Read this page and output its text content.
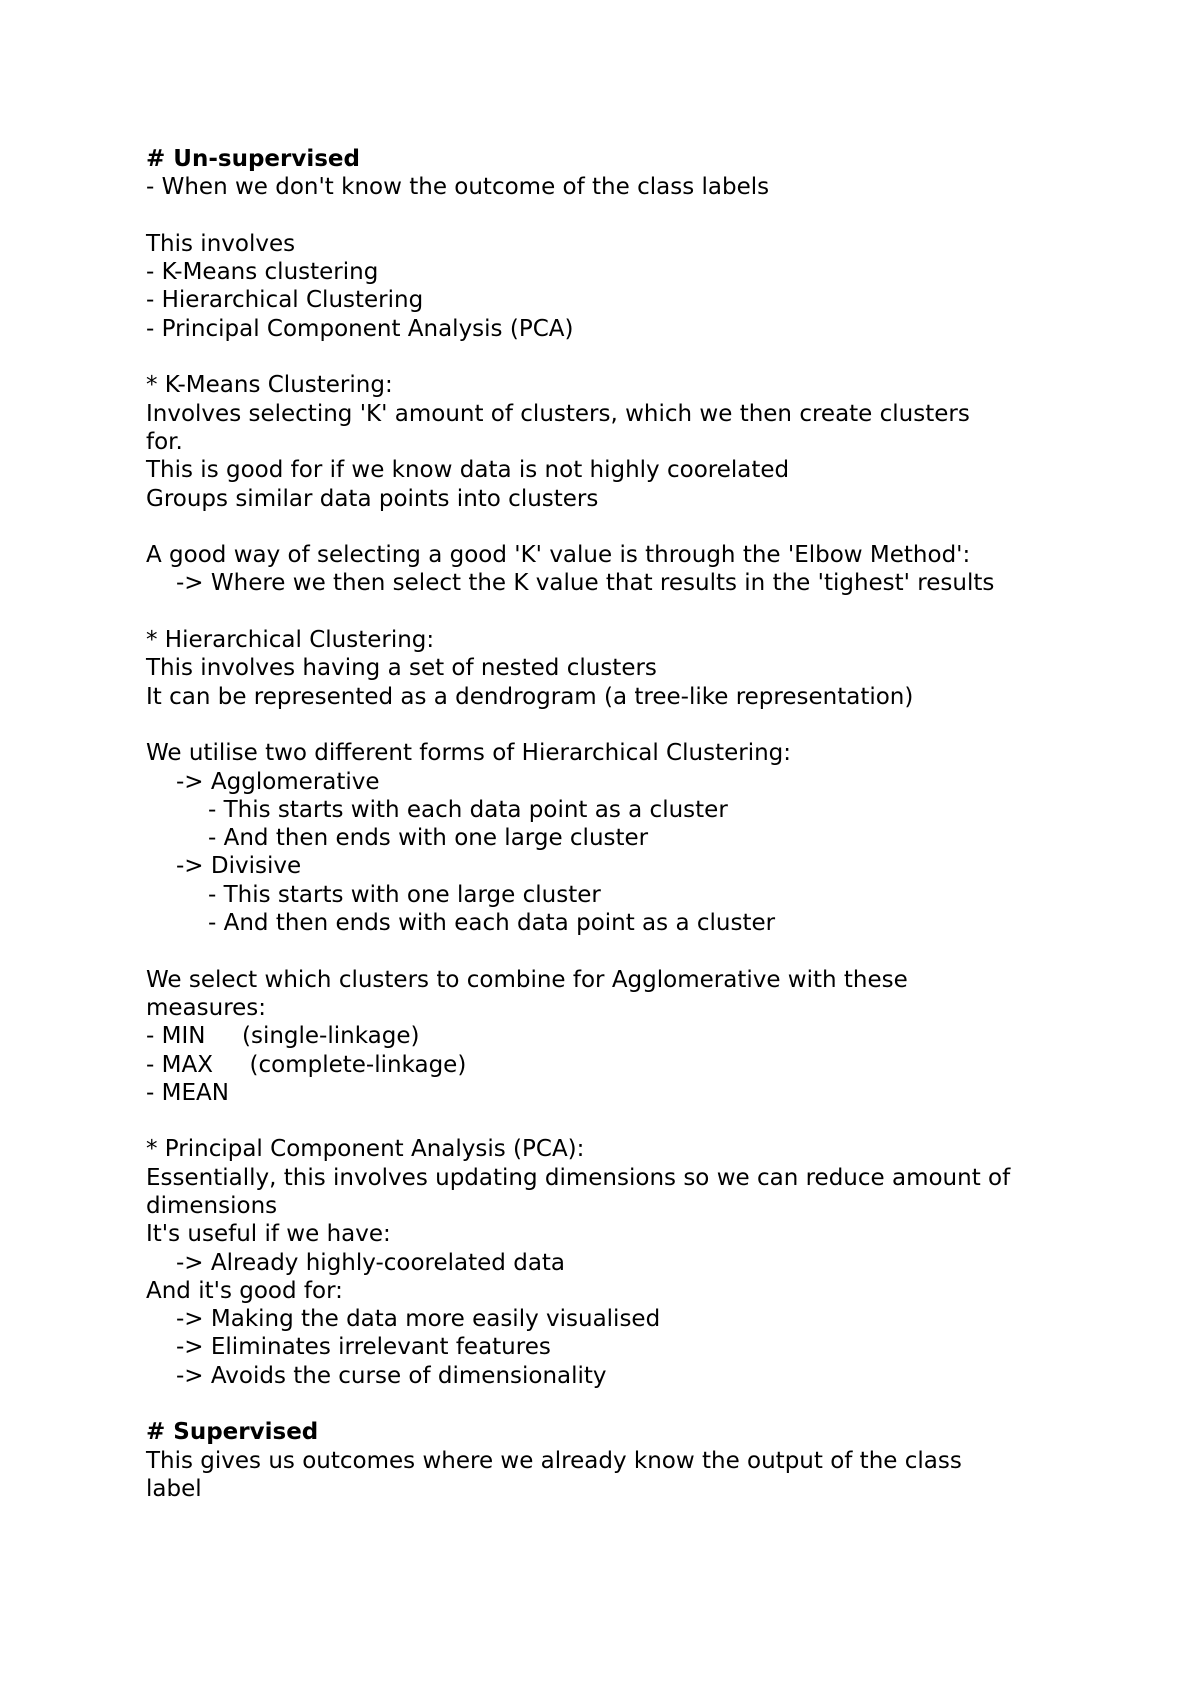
# Un-supervised
- When we don't know the outcome of the class labels
This involves
- K-Means clustering
- Hierarchical Clustering
- Principal Component Analysis (PCA)
* K-Means Clustering:
Involves selecting 'K' amount of clusters, which we then create clusters
for.
This is good for if we know data is not highly coorelated
Groups similar data points into clusters
A good way of selecting a good 'K' value is through the 'Elbow Method':
-> Where we then select the K value that results in the 'tighest' results
* Hierarchical Clustering:
This involves having a set of nested clusters
It can be represented as a dendrogram (a tree-like representation)
We utilise two different forms of Hierarchical Clustering:
-> Agglomerative
- This starts with each data point as a cluster
- And then ends with one large cluster
-> Divisive
- This starts with one large cluster
- And then ends with each data point as a cluster
We select which clusters to combine for Agglomerative with these
measures:
- MIN     (single-linkage)
- MAX     (complete-linkage)
- MEAN
* Principal Component Analysis (PCA):
Essentially, this involves updating dimensions so we can reduce amount of
dimensions
It's useful if we have:
-> Already highly-coorelated data
And it's good for:
-> Making the data more easily visualised
-> Eliminates irrelevant features
-> Avoids the curse of dimensionality
# Supervised
This gives us outcomes where we already know the output of the class
label
